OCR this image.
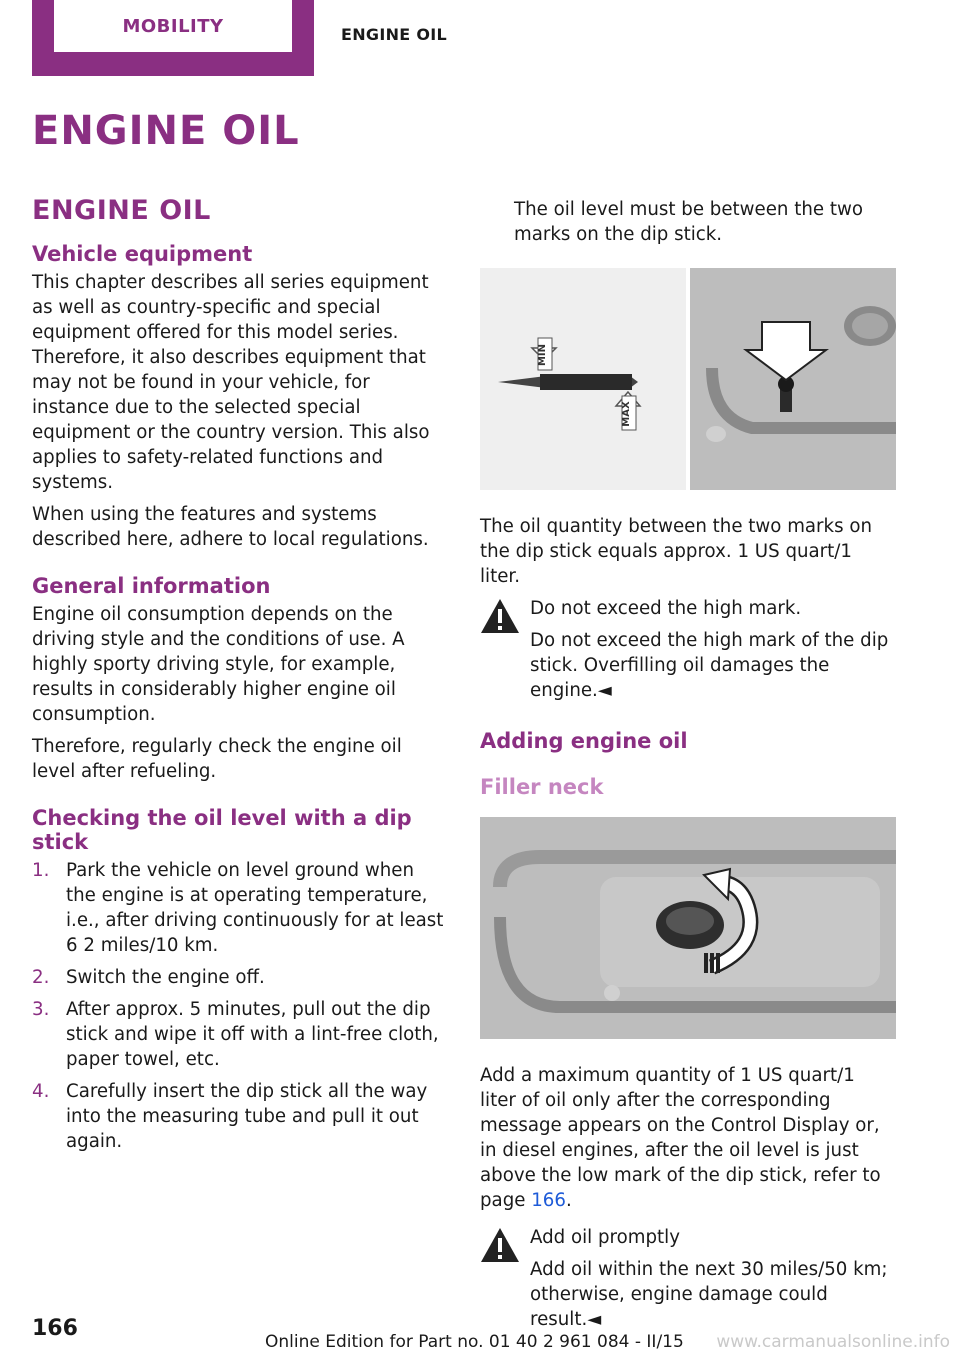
MOBILITY	ENGINE OIL
ENGINE OIL
ENGINE OIL
Vehicle equipment

This chapter describes all series equipment as well as country-specific and special equipment offered for this model series. Therefore, it also describes equipment that may not be found in your vehicle, for instance due to the selected special equipment or the country version. This also applies to safety-related functions and systems.

When using the features and systems described here, adhere to local regulations.

General information

Engine oil consumption depends on the driving style and the conditions of use. A highly sporty driving style, for example, results in considerably higher engine oil consumption.

Therefore, regularly check the engine oil level after refueling.

Checking the oil level with a dip stick
1. Park the vehicle on level ground when the engine is at operating temperature, i.e., after driving continuously for at least 6 2 miles/10 km.
2. Switch the engine off.
3. After approx. 5 minutes, pull out the dip stick and wipe it off with a lint-free cloth, paper towel, etc.
4. Carefully insert the dip stick all the way into the measuring tube and pull it out again.

The oil level must be between the two marks on the dip stick.

MIN
MAX

The oil quantity between the two marks on the dip stick equals approx. 1 US quart/1 liter.

Do not exceed the high mark.

Do not exceed the high mark of the dip stick. Overfilling oil damages the engine.◄

Adding engine oil
Filler neck

Add a maximum quantity of 1 US quart/1 liter of oil only after the corresponding message appears on the Control Display or, in diesel engines, after the oil level is just above the low mark of the dip stick, refer to page 166.

Add oil promptly

Add oil within the next 30 miles/50 km; otherwise, engine damage could result.◄

166
Online Edition for Part no. 01 40 2 961 084 - II/15 www.carmanualsonline.info
